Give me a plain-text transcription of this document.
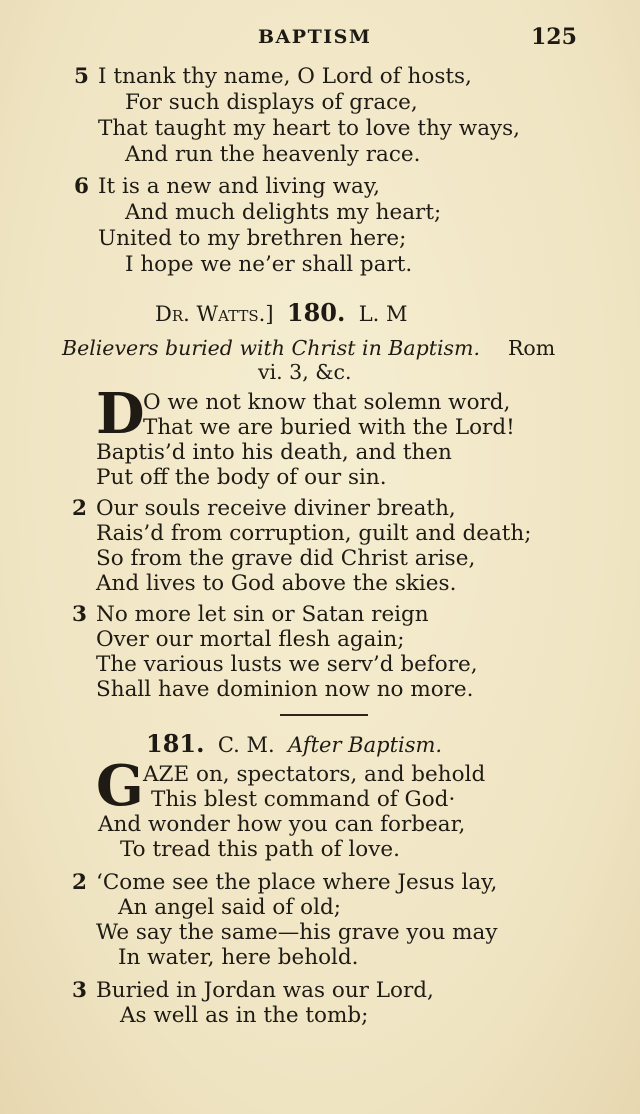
BAPTISM	125
5 I tnank thy name, O Lord of hosts,
For such displays of grace,
That taught my heart to love thy ways,
And run the heavenly race.
6 It is a new and living way,
And much delights my heart;
United to my brethren here;
I hope we ne’er shall part.
Dr. Watts.] 180. L. M
Believers buried with Christ in Baptism. Rom
vi. 3, &c.
D
O we not know that solemn word,
That we are buried with the Lord!
Baptis’d into his death, and then
Put off the body of our sin.
2 Our souls receive diviner breath,
Rais’d from corruption, guilt and death;
So from the grave did Christ arise,
And lives to God above the skies.
3 No more let sin or Satan reign
Over our mortal flesh again;
The various lusts we serv’d before,
Shall have dominion now no more.
181. C. M. After Baptism.
G AZE on, spectators, and behold
This blest command of God·
And wonder how you can forbear,
To tread this path of love.
2 ‘Come see the place where Jesus lay,
An angel said of old;
We say the same—his grave you may
In water, here behold.
3 Buried in Jordan was our Lord,
As well as in the tomb;
